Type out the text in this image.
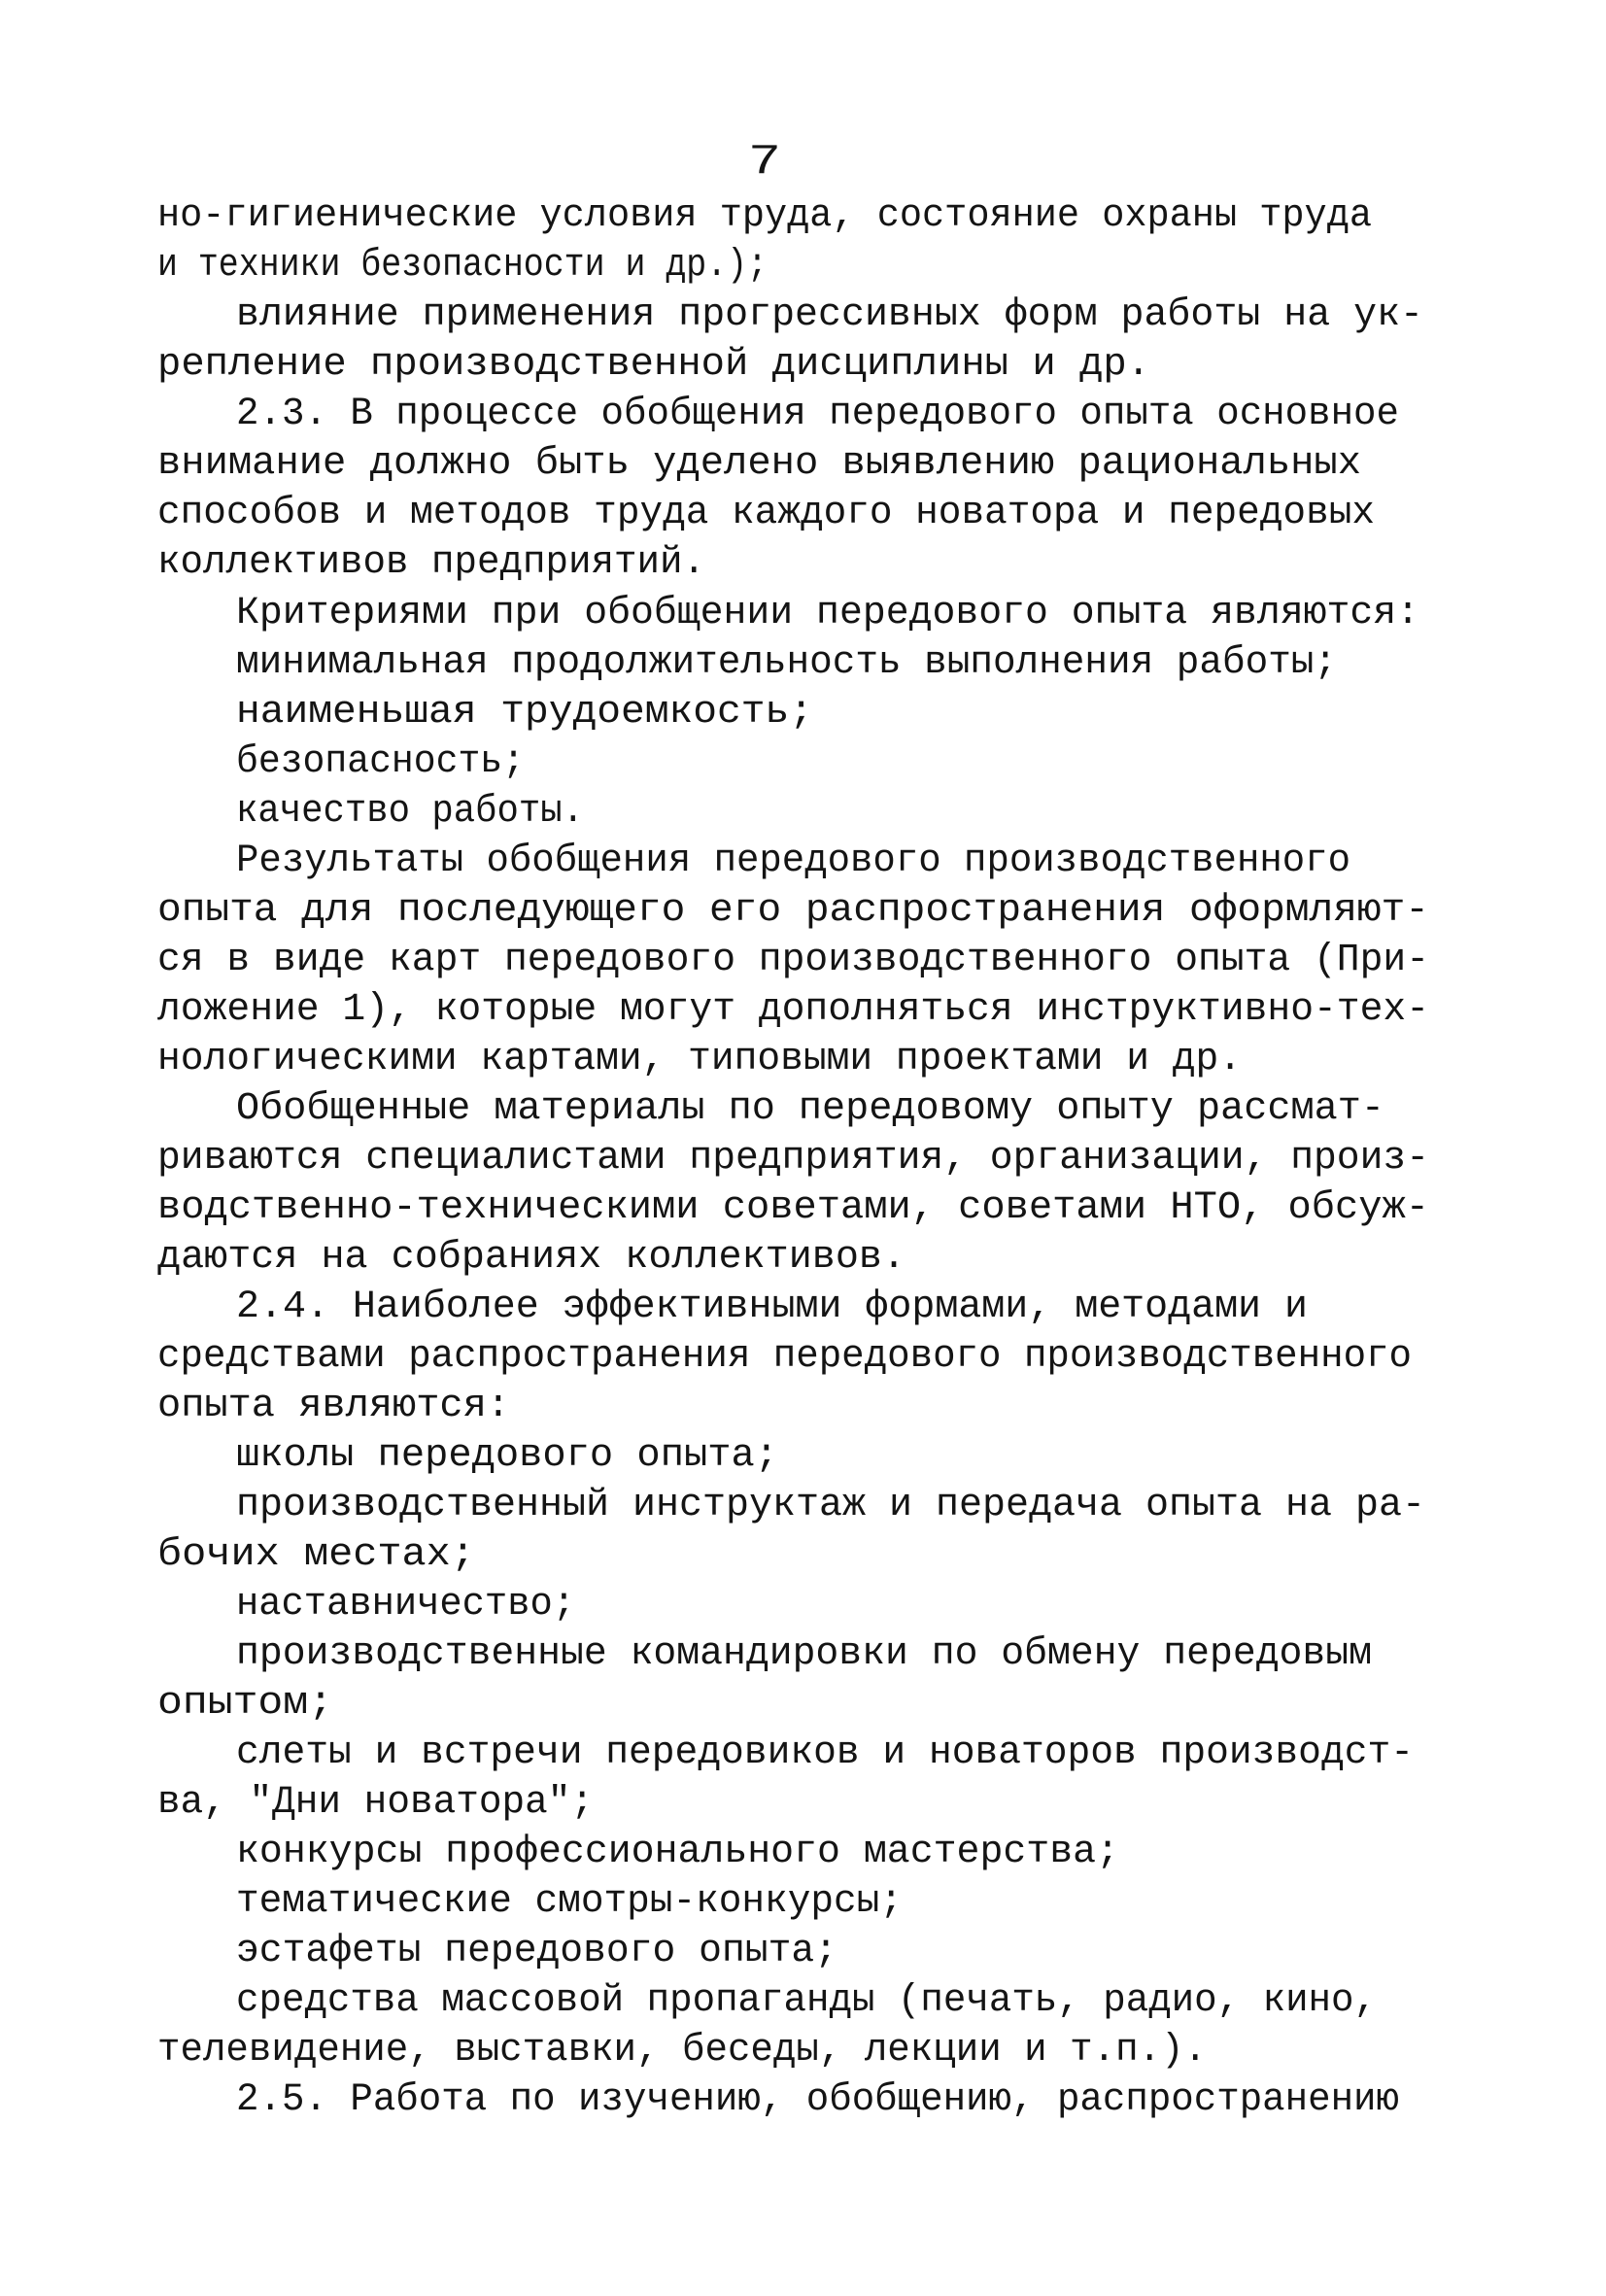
7
но-гигиенические условия труда, состояние охраны труда
и техники безопасности и др.);
влияние применения прогрессивных форм работы на ук-
репление производственной дисциплины и др.
2.3. В процессе обобщения передового опыта основное
внимание должно быть уделено выявлению рациональных
способов и методов труда каждого новатора и передовых
коллективов предприятий.
Критериями при обобщении передового опыта являются:
минимальная продолжительность выполнения работы;
наименьшая трудоемкость;
безопасность;
качество работы.
Результаты обобщения передового производственного
опыта для последующего его распространения оформляют-
ся в виде карт передового производственного опыта (При-
ложение 1), которые могут дополняться инструктивно-тех-
нологическими картами, типовыми проектами и др.
Обобщенные материалы по передовому опыту рассмат-
риваются специалистами предприятия, организации, произ-
водственно-техническими советами, советами НТО, обсуж-
даются на собраниях коллективов.
2.4. Наиболее эффективными формами, методами и
средствами распространения передового производственного
опыта являются:
школы передового опыта;
производственный инструктаж и передача опыта на ра-
бочих местах;
наставничество;
производственные командировки по обмену передовым
опытом;
слеты и встречи передовиков и новаторов производст-
ва, "Дни новатора";
конкурсы профессионального мастерства;
тематические смотры-конкурсы;
эстафеты передового опыта;
средства массовой пропаганды (печать, радио, кино,
телевидение, выставки, беседы, лекции и т.п.).
2.5. Работа по изучению, обобщению, распространению
